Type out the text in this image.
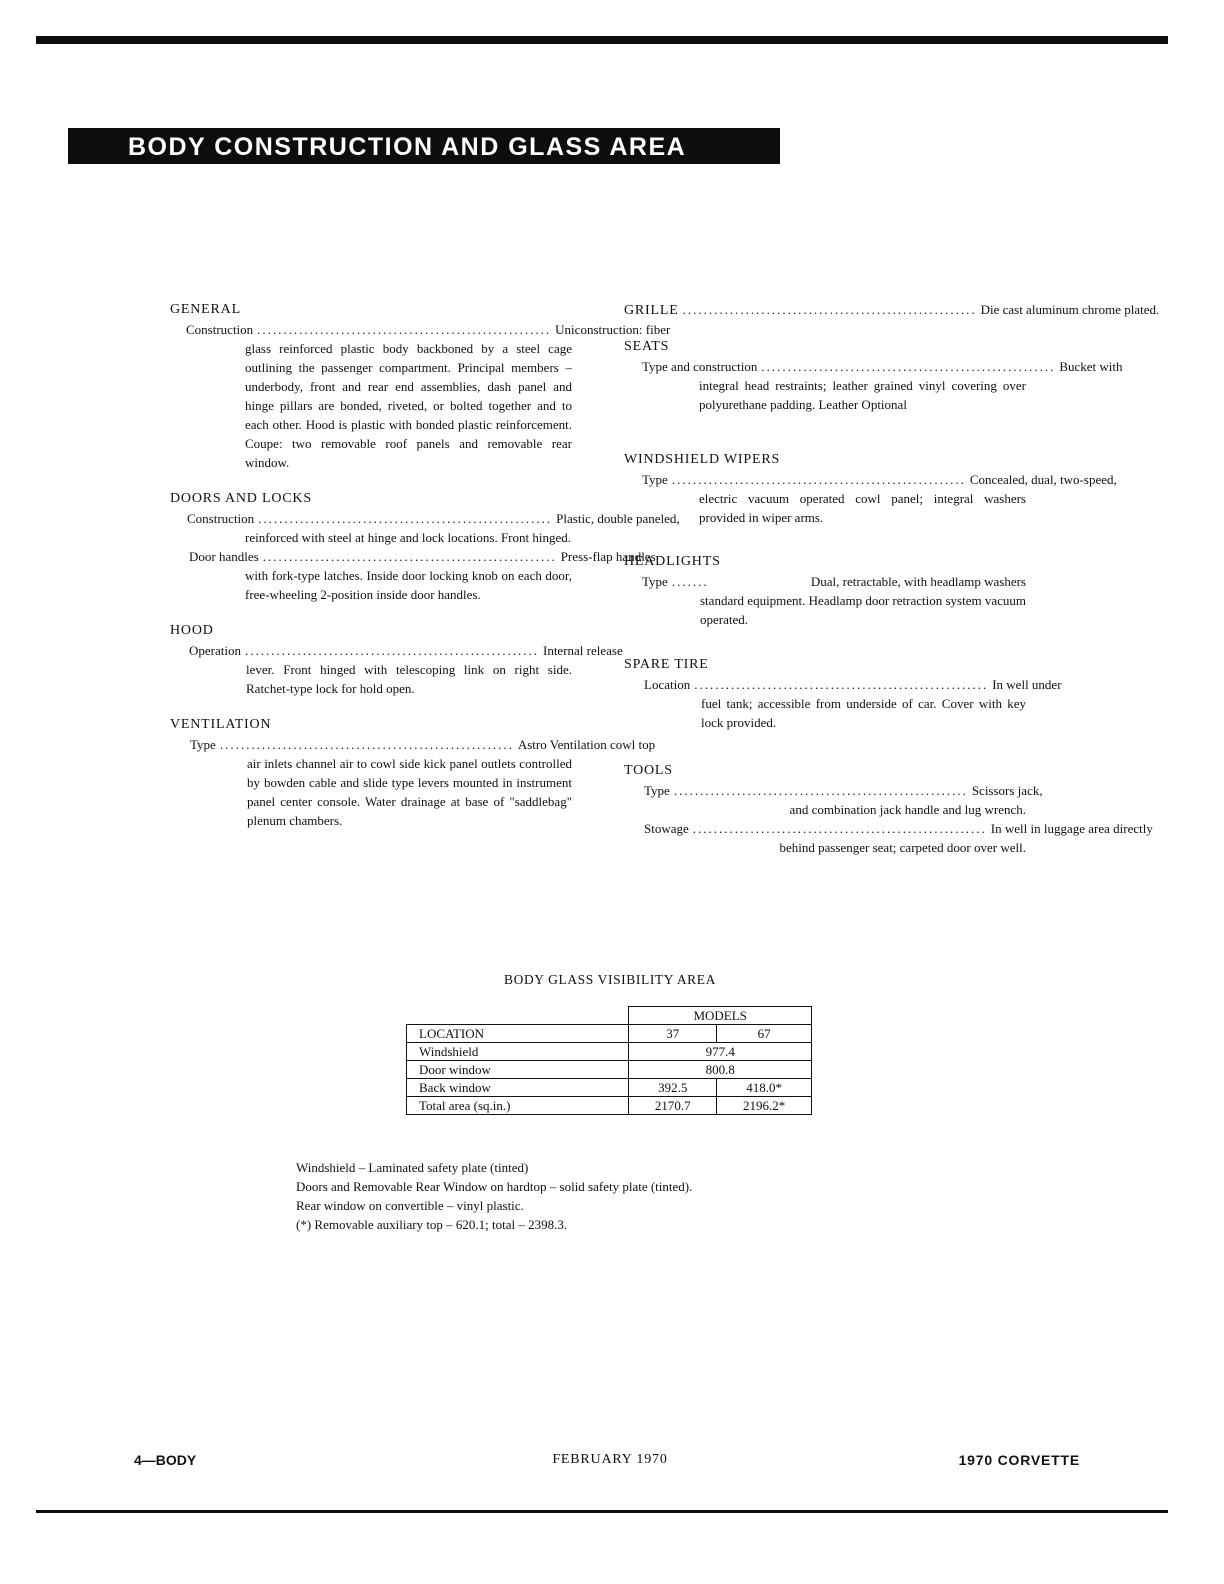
BODY CONSTRUCTION AND GLASS AREA
GENERAL
Construction ........................................................ Uniconstruction: fiber
glass reinforced plastic body backboned by a steel cage outlining the passenger compartment. Principal members – underbody, front and rear end assemblies, dash panel and hinge pillars are bonded, riveted, or bolted together and to each other. Hood is plastic with bonded plastic reinforcement. Coupe: two removable roof panels and removable rear window.
DOORS AND LOCKS
Construction ........................................................ Plastic, double paneled,
reinforced with steel at hinge and lock locations. Front hinged.
Door handles ........................................................ Press-flap handles
with fork-type latches. Inside door locking knob on each door, free-wheeling 2-position inside door handles.
HOOD
Operation ........................................................ Internal release
lever. Front hinged with telescoping link on right side. Ratchet-type lock for hold open.
VENTILATION
Type ........................................................ Astro Ventilation cowl top
air inlets channel air to cowl side kick panel outlets controlled by bowden cable and slide type levers mounted in instrument panel center console. Water drainage at base of "saddlebag" plenum chambers.
GRILLE ........................................................ Die cast aluminum chrome plated.
SEATS
Type and construction ........................................................ Bucket with
integral head restraints; leather grained vinyl covering over polyurethane padding. Leather Optional
WINDSHIELD WIPERS
Type ........................................................ Concealed, dual, two-speed,
electric vacuum operated cowl panel; integral washers provided in wiper arms.
HEADLIGHTS
Type .......	Dual, retractable, with headlamp washers
standard equipment. Headlamp door retraction system vacuum operated.
SPARE TIRE
Location ........................................................ In well under
fuel tank; accessible from underside of car. Cover with key lock provided.
TOOLS
Type ........................................................ Scissors jack,
and combination jack handle and lug wrench.
Stowage ........................................................ In well in luggage area directly
behind passenger seat; carpeted door over well.
BODY GLASS VISIBILITY AREA
	MODELS	
LOCATION	37	67
Windshield	977.4	
Door window	800.8	
Back window	392.5	418.0*
Total area (sq.in.)	2170.7	2196.2*
Windshield – Laminated safety plate (tinted)
Doors and Removable Rear Window on hardtop – solid safety plate (tinted).
Rear window on convertible – vinyl plastic.
(*) Removable auxiliary top – 620.1; total – 2398.3.
4—BODY	FEBRUARY 1970	1970 CORVETTE
